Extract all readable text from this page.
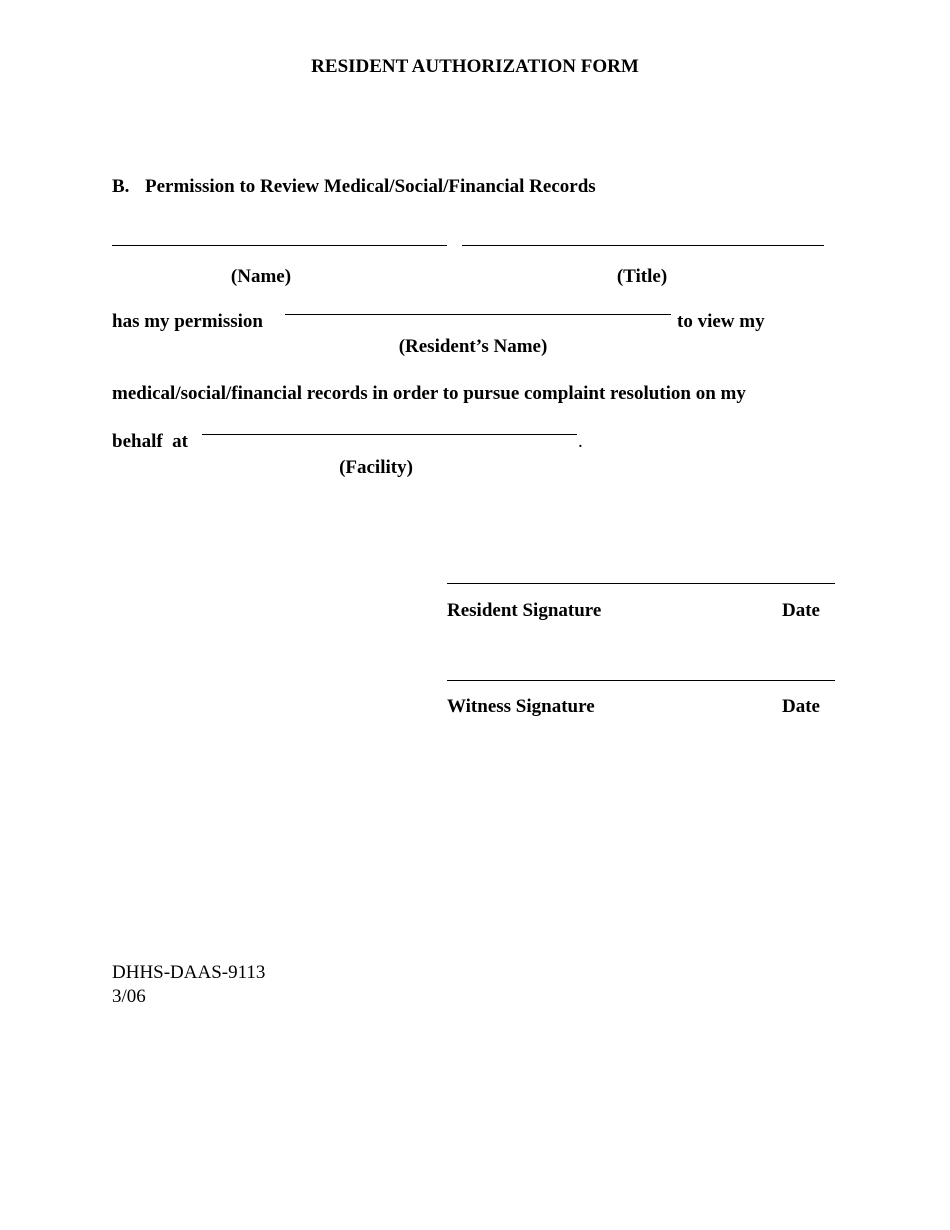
RESIDENT AUTHORIZATION FORM
B. Permission to Review Medical/Social/Financial Records
(Name)	(Title)
has my permission	to view my
(Resident’s Name)
medical/social/financial records in order to pursue complaint resolution on my
behalf  at	.
(Facility)
Resident Signature	Date
Witness Signature	Date
DHHS-DAAS-9113
3/06
